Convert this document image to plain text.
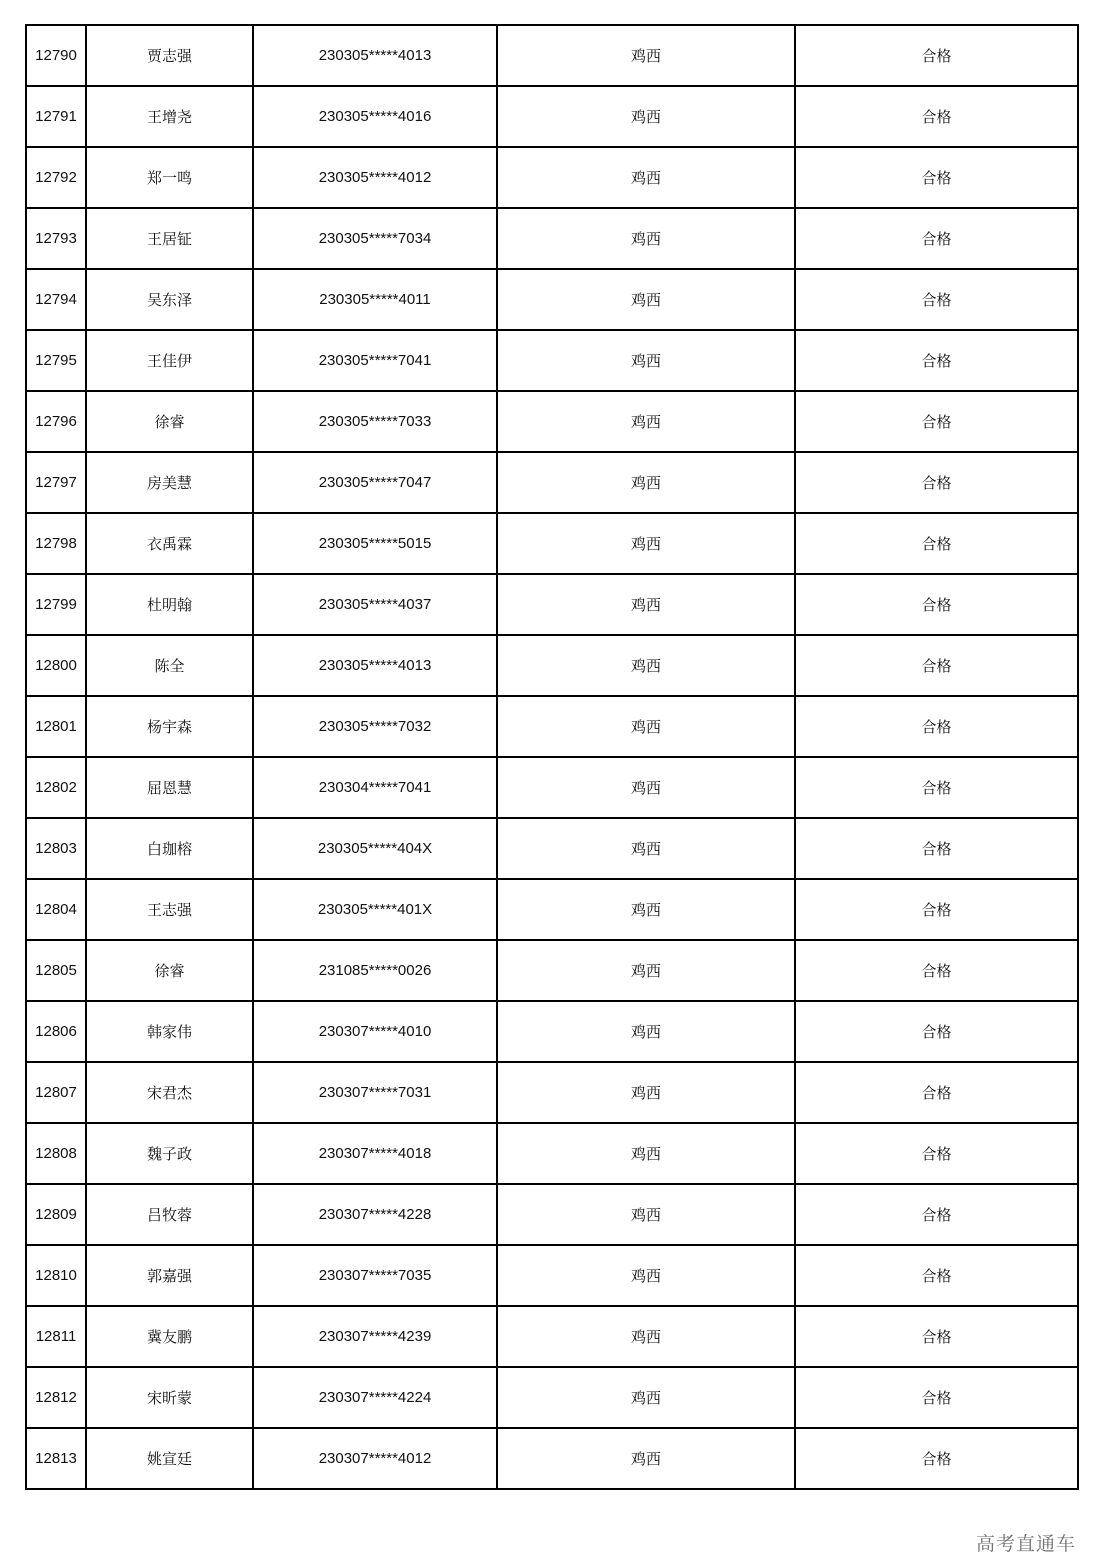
12790	贾志强	230305*****4013	鸡西	合格
12791	王增尧	230305*****4016	鸡西	合格
12792	郑一鸣	230305*****4012	鸡西	合格
12793	王居钲	230305*****7034	鸡西	合格
12794	吴东泽	230305*****4011	鸡西	合格
12795	王佳伊	230305*****7041	鸡西	合格
12796	徐睿	230305*****7033	鸡西	合格
12797	房美慧	230305*****7047	鸡西	合格
12798	衣禹霖	230305*****5015	鸡西	合格
12799	杜明翰	230305*****4037	鸡西	合格
12800	陈全	230305*****4013	鸡西	合格
12801	杨宇森	230305*****7032	鸡西	合格
12802	屈恩慧	230304*****7041	鸡西	合格
12803	白珈榕	230305*****404X	鸡西	合格
12804	王志强	230305*****401X	鸡西	合格
12805	徐睿	231085*****0026	鸡西	合格
12806	韩家伟	230307*****4010	鸡西	合格
12807	宋君杰	230307*****7031	鸡西	合格
12808	魏子政	230307*****4018	鸡西	合格
12809	吕牧蓉	230307*****4228	鸡西	合格
12810	郭嘉强	230307*****7035	鸡西	合格
12811	冀友鹏	230307*****4239	鸡西	合格
12812	宋昕蒙	230307*****4224	鸡西	合格
12813	姚宣廷	230307*****4012	鸡西	合格
高考直通车
